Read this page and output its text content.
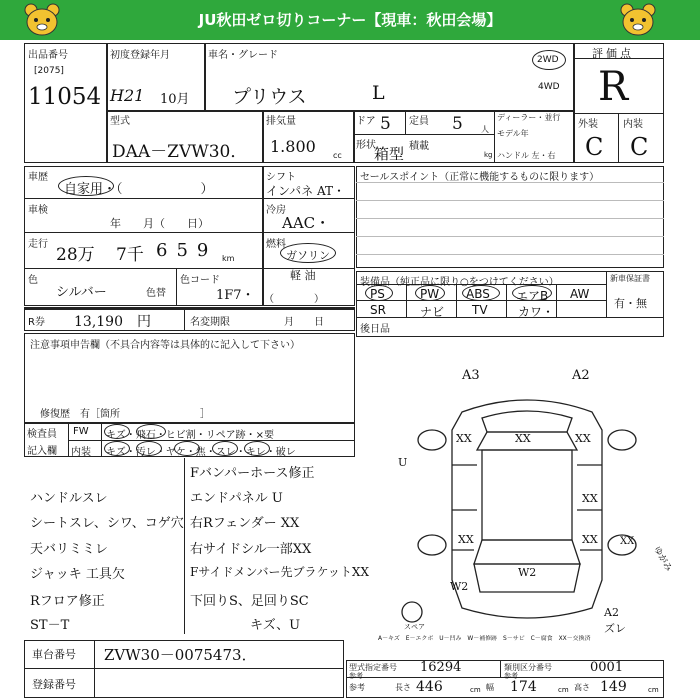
JU秋田ゼロ切りコーナー【現車：秋田会場】
出品番号
[2075]
11054
初度登録年月
H21 10月
車名・グレード
プリウス	L
2WD
4WD
評価点
R
型式
DAA－ZVW30．
排気量
1.800 cc
ドア 5 定員 5 人
形状
箱型 積載
kg
ディーラー・並行
モデル年
ハンドル 左・右
外装	内装
C C
車歴
自家用・（　　　　　　）
シフト
インパネ AT・
車検
年　　月（　　日）
冷房
AAC・
走行
28万 7千 659 km
燃料
ガソリン
軽 油
色
シルバー	色替
色コード
1F7・ （　　　　）
セールスポイント（正常に機能するものに限ります）
装備品（純正品に限り○をつけてください）	新車保証書
有・無
PS	PW ABS エアB AW
SR	ナビ TV	カワ・
後日品
R券 13,190　円	名変期限	月　　日
注意事項申告欄（不具合内容等は具体的に記入して下さい）
修復歴　有［箇所　　　　　　　　］
検査員
記入欄
FW
内装
キズ・飛石・ヒビ割・リペア跡・×要
キズ・汚レ・ヤケ・焦・スレ・キレ・破レ
Fバンパーホース修正
ハンドルスレ	エンドパネル U
シートスレ、シワ、コゲ穴 右Rフェンダー XX
天バリミミレ	右サイドシル一部XX
ジャッキ 工具欠	Fサイドメンバー先ブラケットXX
Rフロア修正	下回りS、足回りSC
ST－T	キズ、U
A3	A2
XX	XX	XX
U
XX
XX	XX XX
ゆがみ
W2
W2
A2
ズレ
スペア
A－キズ　E－エクボ　U－凹み　W－補修跡　S－サビ　C－腐食　XX－交換済
車台番号 ZVW30－0075473．
登録番号
型式指定番号
参考
16294	類別区分番号
参考
0001
参考	長さ 446	cm 幅 174	cm 高さ 149	cm
